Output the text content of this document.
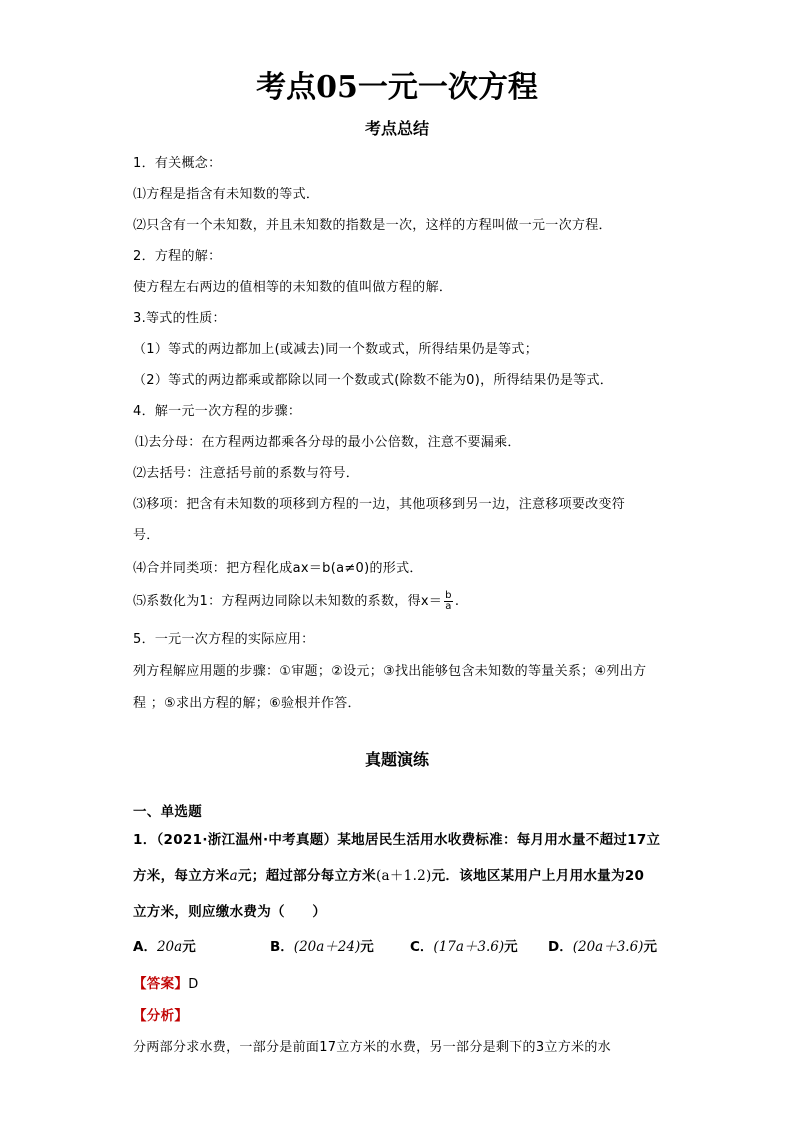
考点05一元一次方程
考点总结
1．有关概念：
⑴方程是指含有未知数的等式．
⑵只含有一个未知数，并且未知数的指数是一次，这样的方程叫做一元一次方程．
2．方程的解：
使方程左右两边的值相等的未知数的值叫做方程的解．
3.等式的性质：
（1）等式的两边都加上(或减去)同一个数或式，所得结果仍是等式；
（2）等式的两边都乘或都除以同一个数或式(除数不能为0)，所得结果仍是等式．
4．解一元一次方程的步骤：
⑴去分母：在方程两边都乘各分母的最小公倍数，注意不要漏乘．
⑵去括号：注意括号前的系数与符号．
⑶移项：把含有未知数的项移到方程的一边，其他项移到另一边，注意移项要改变符
号．
⑷合并同类项：把方程化成ax＝b(a≠0)的形式．
⑸系数化为1：方程两边同除以未知数的系数，得$x= \frac{b}{a}$ .
5．一元一次方程的实际应用：
列方程解应用题的步骤：①审题；②设元；③找出能够包含未知数的等量关系；④列出方
程 ；⑤求出方程的解；⑥验根并作答．
真题演练
一、单选题
1．（2021·浙江温州·中考真题）某地居民生活用水收费标准：每月用水量不超过17立
方米，每立方米a元；超过部分每立方米(a＋1.2)元．该地区某用户上月用水量为20
立方米，则应缴水费为（　　）
A．20a元	B．(20a＋24)元	C．(17a＋3.6)元 D．(20a＋3.6)元
【答案】D
【分析】
分两部分求水费，一部分是前面17立方米的水费，另一部分是剩下的3立方米的水
